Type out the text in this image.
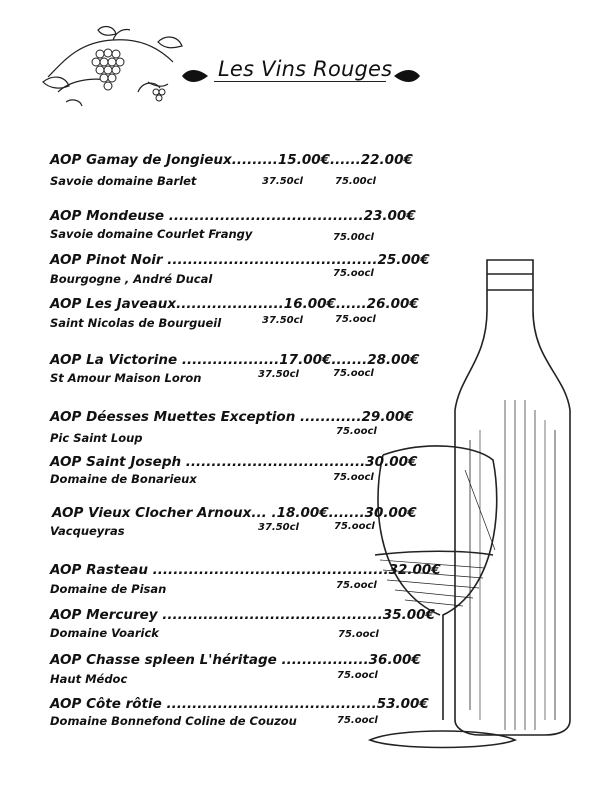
Les Vins Rouges
AOP Gamay de Jongieux.........15.00€......22.00€
Savoie domaine Barlet	37.50cl	75.00cl
AOP Mondeuse ......................................23.00€
Savoie domaine Courlet Frangy	75.00cl
AOP Pinot Noir .........................................25.00€
Bourgogne , André Ducal	75.oocl
AOP Les Javeaux.....................16.00€......26.00€
Saint Nicolas de Bourgueil	37.50cl	75.oocl
AOP La Victorine ...................17.00€.......28.00€
St Amour Maison Loron	37.50cl	75.oocl
AOP Déesses Muettes Exception ............29.00€
Pic Saint Loup	75.oocl
AOP Saint Joseph ...................................30.00€
Domaine de Bonarieux	75.oocl
AOP Vieux Clocher Arnoux... .18.00€.......30.00€
Vacqueyras	37.50cl	75.oocl
AOP Rasteau ..............................................32.00€
Domaine de Pisan	75.oocl
AOP Mercurey ...........................................35.00€
Domaine Voarick	75.oocl
AOP Chasse spleen L'héritage .................36.00€
Haut Médoc	75.oocl
AOP Côte rôtie .........................................53.00€
Domaine Bonnefond Coline de Couzou	75.oocl
